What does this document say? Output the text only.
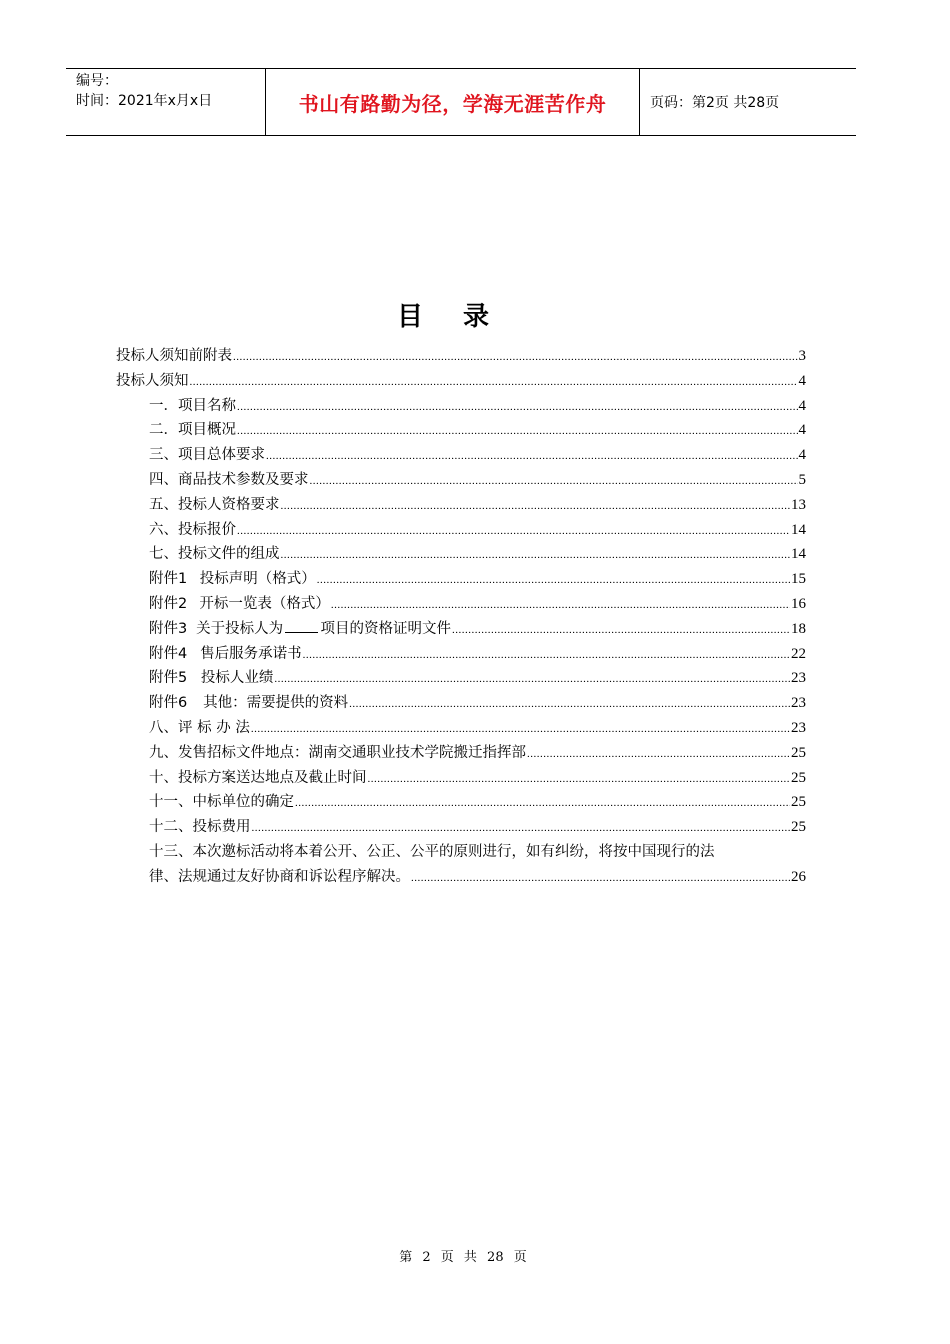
编号：
时间：2021年x月x日	书山有路勤为径，学海无涯苦作舟	页码：第2页 共28页
目录
投标人须知前附表 .....	3
投标人须知 .....	4
一．项目名称 .....	4
二．项目概况 .....	4
三、项目总体要求 .....	4
四、商品技术参数及要求 .....	5
五、投标人资格要求 .....	13
六、投标报价 .....	14
七、投标文件的组成 .....	14
附件1 投标声明（格式） .....	15
附件2 开标一览表（格式） .....	16
附件3 关于投标人为	项目的资格证明文件 .....	18
附件4 售后服务承诺书 .....	22
附件5 投标人业绩 .....	23
附件6 其他：需要提供的资料 .....	23
八、评 标 办 法 .....	23
九、发售招标文件地点：湖南交通职业技术学院搬迁指挥部 .....	25
十、投标方案送达地点及截止时间 .....	25
十一、中标单位的确定 .....	25
十二、投标费用 .....	25
十三、本次邀标活动将本着公开、公正、公平的原则进行，如有纠纷，将按中国现行的法
律、法规通过友好协商和诉讼程序解决。 .....	26
第 2 页 共 28 页
